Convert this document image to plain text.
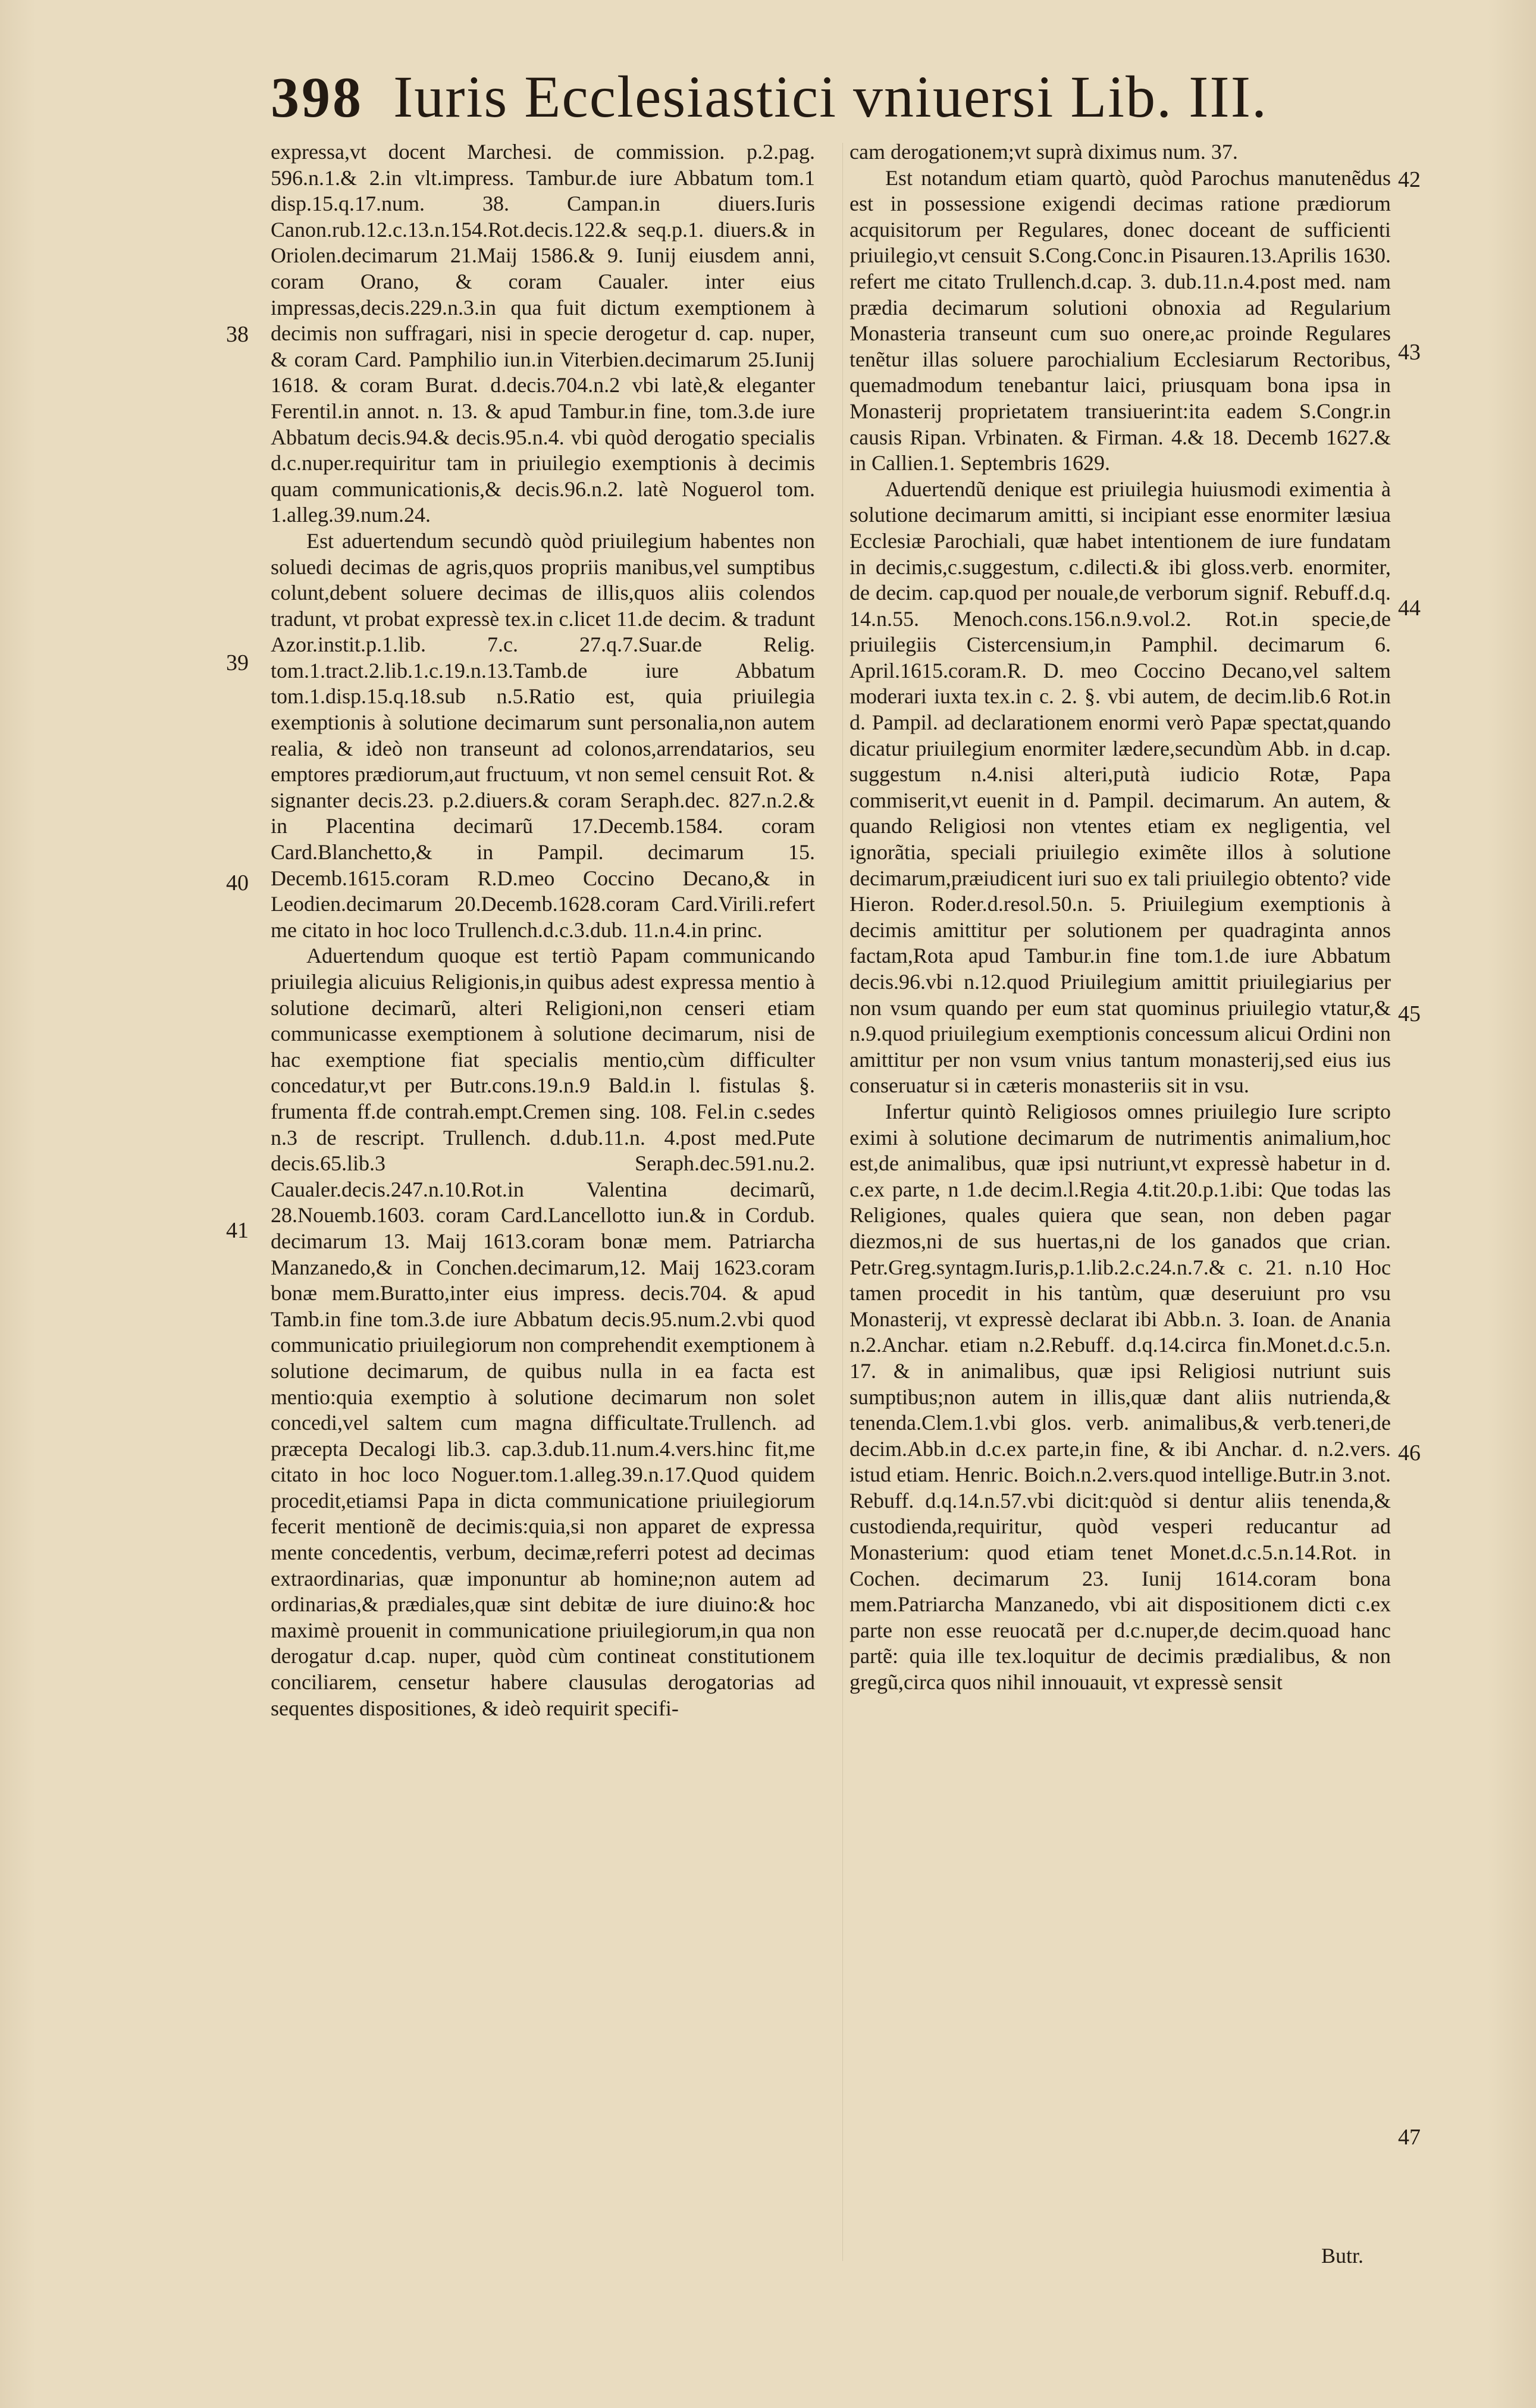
398 Iuris Ecclesiastici vniuersi Lib. III.

expressa,vt docent Marchesi. de commission. p.2.pag. 596.n.1.& 2.in vlt.impress. Tambur.de iure Abbatum tom.1 disp.15.q.17.num. 38. Campan.in diuers.Iuris Canon.rub.12.c.13.n.154.Rot.decis.122.& seq.p.1. diuers.& in Oriolen.decimarum 21.Maij 1586.& 9. Iunij eiusdem anni, coram Orano, & coram Caualer. inter eius impressas,decis.229.n.3.in qua fuit dictum exemptionem à decimis non suffragari, nisi in specie derogetur d. cap. nuper, & coram Card. Pamphilio iun.in Viterbien.decimarum 25.Iunij 1618. & coram Burat. d.decis.704.n.2 vbi latè,& eleganter Ferentil.in annot. n. 13. & apud Tambur.in fine, tom.3.de iure Abbatum decis.94.& decis.95.n.4. vbi quòd derogatio specialis d.c.nuper.requiritur tam in priuilegio exemptionis à decimis quam communicationis,& decis.96.n.2. latè Noguerol tom. 1.alleg.39.num.24.

Est aduertendum secundò quòd priuilegium habentes non soluedi decimas de agris,quos propriis manibus,vel sumptibus colunt,debent soluere decimas de illis,quos aliis colendos tradunt, vt probat expressè tex.in c.licet 11.de decim. & tradunt Azor.instit.p.1.lib. 7.c. 27.q.7.Suar.de Relig. tom.1.tract.2.lib.1.c.19.n.13.Tamb.de iure Abbatum tom.1.disp.15.q.18.sub n.5.Ratio est, quia priuilegia exemptionis à solutione decimarum sunt personalia,non autem realia, & ideò non transeunt ad colonos,arrendatarios, seu emptores prædiorum,aut fructuum, vt non semel censuit Rot. & signanter decis.23. p.2.diuers.& coram Seraph.dec. 827.n.2.& in Placentina decimarũ 17.Decemb.1584. coram Card.Blanchetto,& in Pampil. decimarum 15. Decemb.1615.coram R.D.meo Coccino Decano,& in Leodien.decimarum 20.Decemb.1628.coram Card.Virili.refert me citato in hoc loco Trullench.d.c.3.dub. 11.n.4.in princ.

Aduertendum quoque est tertiò Papam communicando priuilegia alicuius Religionis,in quibus adest expressa mentio à solutione decimarũ, alteri Religioni,non censeri etiam communicasse exemptionem à solutione decimarum, nisi de hac exemptione fiat specialis mentio,cùm difficulter concedatur,vt per Butr.cons.19.n.9 Bald.in l. fistulas §. frumenta ff.de contrah.empt.Cremen sing. 108. Fel.in c.sedes n.3 de rescript. Trullench. d.dub.11.n. 4.post med.Pute decis.65.lib.3 Seraph.dec.591.nu.2. Caualer.decis.247.n.10.Rot.in Valentina decimarũ, 28.Nouemb.1603. coram Card.Lancellotto iun.& in Cordub. decimarum 13. Maij 1613.coram bonæ mem. Patriarcha Manzanedo,& in Conchen.decimarum,12. Maij 1623.coram bonæ mem.Buratto,inter eius impress. decis.704. & apud Tamb.in fine tom.3.de iure Abbatum decis.95.num.2.vbi quod communicatio priuilegiorum non comprehendit exemptionem à solutione decimarum, de quibus nulla in ea facta est mentio:quia exemptio à solutione decimarum non solet concedi,vel saltem cum magna difficultate.Trullench. ad præcepta Decalogi lib.3. cap.3.dub.11.num.4.vers.hinc fit,me citato in hoc loco Noguer.tom.1.alleg.39.n.17.Quod quidem procedit,etiamsi Papa in dicta communicatione priuilegiorum fecerit mentionẽ de decimis:quia,si non apparet de expressa mente concedentis, verbum, decimæ,referri potest ad decimas extraordinarias, quæ imponuntur ab homine;non autem ad ordinarias,& prædiales,quæ sint debitæ de iure diuino:& hoc maximè prouenit in communicatione priuilegiorum,in qua non derogatur d.cap. nuper, quòd cùm contineat constitutionem conciliarem, censetur habere clausulas derogatorias ad sequentes dispositiones, & ideò requirit specifi-

cam derogationem;vt suprà diximus num. 37.

Est notandum etiam quartò, quòd Parochus manutenẽdus est in possessione exigendi decimas ratione prædiorum acquisitorum per Regulares, donec doceant de sufficienti priuilegio,vt censuit S.Cong.Conc.in Pisauren.13.Aprilis 1630. refert me citato Trullench.d.cap. 3. dub.11.n.4.post med. nam prædia decimarum solutioni obnoxia ad Regularium Monasteria transeunt cum suo onere,ac proinde Regulares tenẽtur illas soluere parochialium Ecclesiarum Rectoribus, quemadmodum tenebantur laici, priusquam bona ipsa in Monasterij proprietatem transiuerint:ita eadem S.Congr.in causis Ripan. Vrbinaten. & Firman. 4.& 18. Decemb 1627.& in Callien.1. Septembris 1629.

Aduertendũ denique est priuilegia huiusmodi eximentia à solutione decimarum amitti, si incipiant esse enormiter læsiua Ecclesiæ Parochiali, quæ habet intentionem de iure fundatam in decimis,c.suggestum, c.dilecti.& ibi gloss.verb. enormiter, de decim. cap.quod per nouale,de verborum signif. Rebuff.d.q. 14.n.55. Menoch.cons.156.n.9.vol.2. Rot.in specie,de priuilegiis Cistercensium,in Pamphil. decimarum 6. April.1615.coram.R. D. meo Coccino Decano,vel saltem moderari iuxta tex.in c. 2. §. vbi autem, de decim.lib.6 Rot.in d. Pampil. ad declarationem enormi verò Papæ spectat,quando dicatur priuilegium enormiter lædere,secundùm Abb. in d.cap. suggestum n.4.nisi alteri,putà iudicio Rotæ, Papa commiserit,vt euenit in d. Pampil. decimarum. An autem, & quando Religiosi non vtentes etiam ex negligentia, vel ignorãtia, speciali priuilegio eximẽte illos à solutione decimarum,præiudicent iuri suo ex tali priuilegio obtento? vide Hieron. Roder.d.resol.50.n. 5. Priuilegium exemptionis à decimis amittitur per solutionem per quadraginta annos factam,Rota apud Tambur.in fine tom.1.de iure Abbatum decis.96.vbi n.12.quod Priuilegium amittit priuilegiarius per non vsum quando per eum stat quominus priuilegio vtatur,& n.9.quod priuilegium exemptionis concessum alicui Ordini non amittitur per non vsum vnius tantum monasterij,sed eius ius conseruatur si in cæteris monasteriis sit in vsu.

Infertur quintò Religiosos omnes priuilegio Iure scripto eximi à solutione decimarum de nutrimentis animalium,hoc est,de animalibus, quæ ipsi nutriunt,vt expressè habetur in d. c.ex parte, n 1.de decim.l.Regia 4.tit.20.p.1.ibi: Que todas las Religiones, quales quiera que sean, non deben pagar diezmos,ni de sus huertas,ni de los ganados que crian. Petr.Greg.syntagm.Iuris,p.1.lib.2.c.24.n.7.& c. 21. n.10 Hoc tamen procedit in his tantùm, quæ deseruiunt pro vsu Monasterij, vt expressè declarat ibi Abb.n. 3. Ioan. de Anania n.2.Anchar. etiam n.2.Rebuff. d.q.14.circa fin.Monet.d.c.5.n. 17. & in animalibus, quæ ipsi Religiosi nutriunt suis sumptibus;non autem in illis,quæ dant aliis nutrienda,& tenenda.Clem.1.vbi glos. verb. animalibus,& verb.teneri,de decim.Abb.in d.c.ex parte,in fine, & ibi Anchar. d. n.2.vers. istud etiam. Henric. Boich.n.2.vers.quod intellige.Butr.in 3.not. Rebuff. d.q.14.n.57.vbi dicit:quòd si dentur aliis tenenda,& custodienda,requiritur, quòd vesperi reducantur ad Monasterium: quod etiam tenet Monet.d.c.5.n.14.Rot. in Cochen. decimarum 23. Iunij 1614.coram bona mem.Patriarcha Manzanedo, vbi ait dispositionem dicti c.ex parte non esse reuocatã per d.c.nuper,de decim.quoad hanc partẽ: quia ille tex.loquitur de decimis prædialibus, & non gregũ,circa quos nihil innouauit, vt expressè sensit

38
39
40
41
42
43
44
45
46
47
Butr.
